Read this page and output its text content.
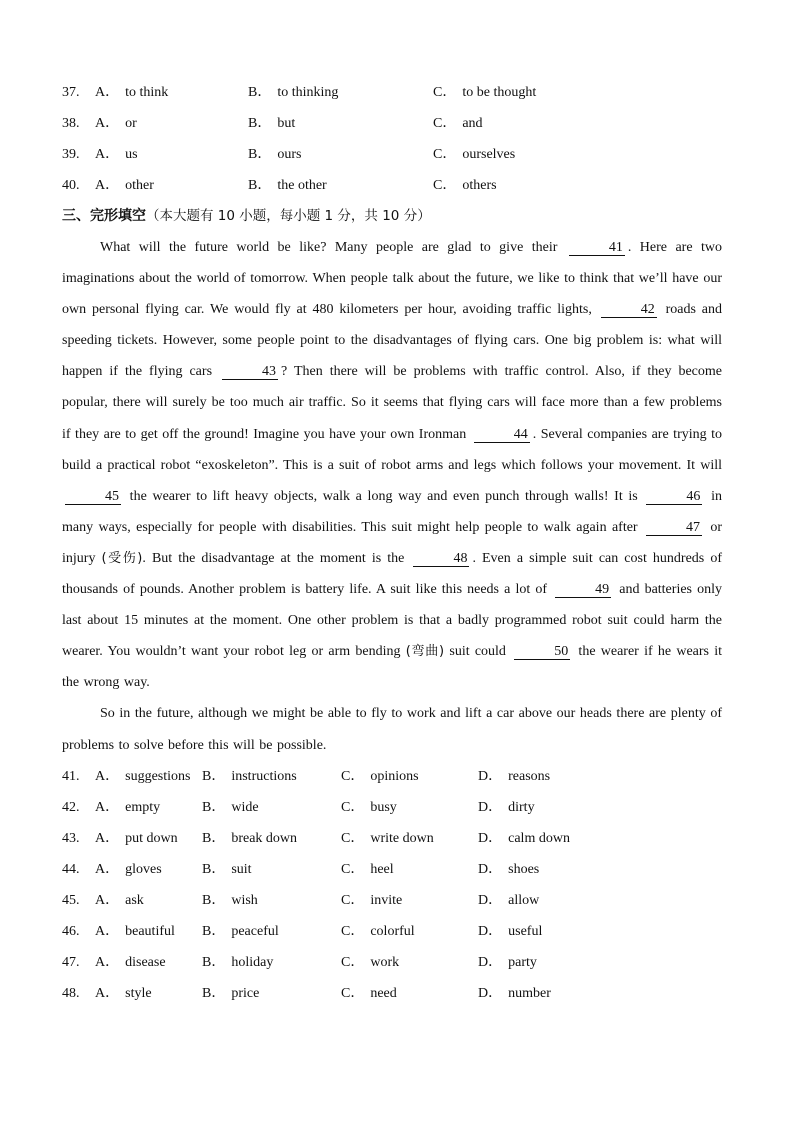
37. A． to think	B． to thinking	C． to be thought
38. A． or	B． but	C． and
39. A． us	B． ours	C． ourselves
40. A． other	B． the other	C． others
三、完形填空（本大题有 10 小题，每小题 1 分，共 10 分）

What will the future world be like? Many people are glad to give their	41 . Here are two imaginations about the world of tomorrow. When people talk about the future, we like to think that we’ll have our own personal flying car. We would fly at 480 kilometers per hour, avoiding traffic lights,	42 roads and speeding tickets. However, some people point to the disadvantages of flying cars. One big problem is: what will happen if the flying cars	43 ? Then there will be problems with traffic control. Also, if they become popular, there will surely be too much air traffic. So it seems that flying cars will face more than a few problems if they are to get off the ground! Imagine you have your own Ironman	44 . Several companies are trying to build a practical robot “exoskeleton”. This is a suit of robot arms and legs which follows your movement. It will 45 the wearer to lift heavy objects, walk a long way and even punch through walls! It is	46 in many ways, especially for people with disabilities. This suit might help people to walk again after	47 or injury (受伤). But the disadvantage at the moment is the	48 . Even a simple suit can cost hundreds of thousands of pounds. Another problem is battery life. A suit like this needs a lot of	49 and batteries only last about 15 minutes at the moment. One other problem is that a badly programmed robot suit could harm the wearer. You wouldn’t want your robot leg or arm bending (弯曲) suit could	50 the wearer if he wears it the wrong way.

So in the future, although we might be able to fly to work and lift a car above our heads there are plenty of problems to solve before this will be possible.

41. A． suggestions B． instructions	C． opinions	D． reasons
42. A． empty	B． wide	C． busy	D． dirty
43. A． put down B． break down	C． write down	D． calm down
44. A． gloves	B． suit	C． heel	D． shoes
45. A． ask	B． wish	C． invite	D． allow
46. A． beautiful B． peaceful	C． colorful	D． useful
47. A． disease	B． holiday	C． work	D． party
48. A． style	B． price	C． need	D． number
